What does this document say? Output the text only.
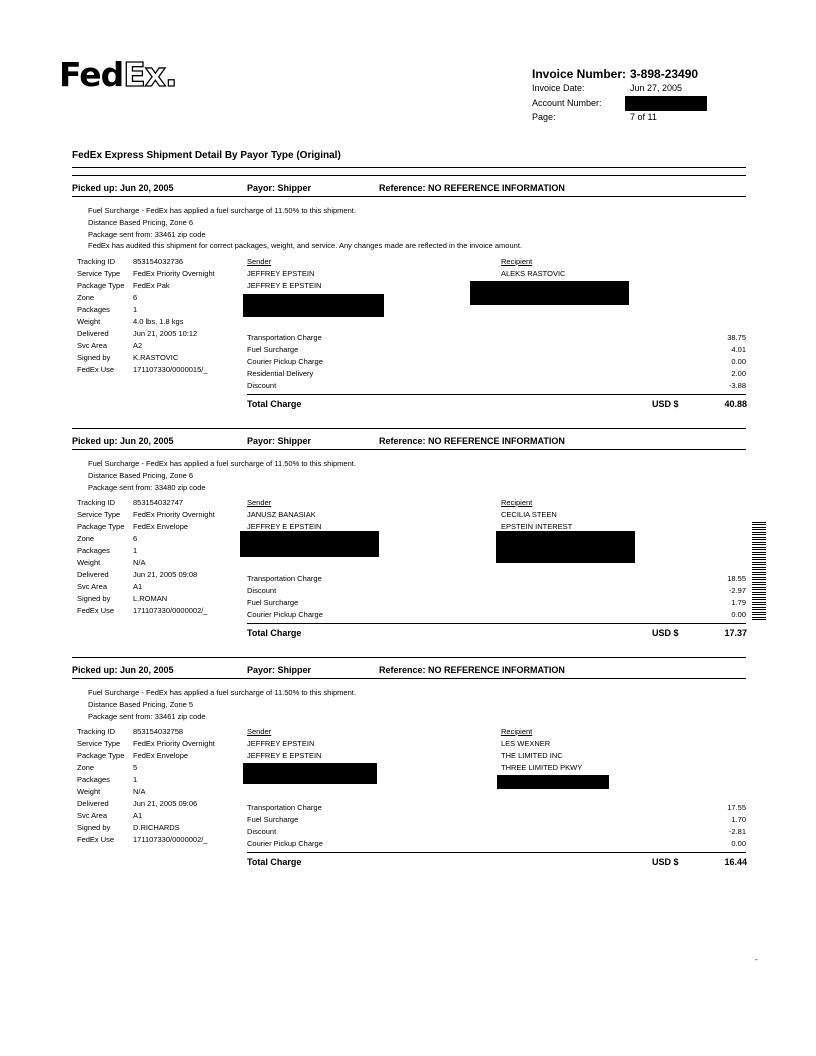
FedEx.	Invoice Number: 3-898-23490
Invoice Date:	Jun 27, 2005
Account Number:
Page:	7 of 11
FedEx Express Shipment Detail By Payor Type (Original)
Picked up: Jun 20, 2005	Payor: Shipper	Reference: NO REFERENCE INFORMATION
Fuel Surcharge - FedEx has applied a fuel surcharge of 11.50% to this shipment.
Distance Based Pricing, Zone 6
Package sent from: 33461 zip code
FedEx has audited this shipment for correct packages, weight, and service. Any changes made are reflected in the invoice amount.
Tracking ID 853154032736
Service Type FedEx Priority Overnight
Package Type FedEx Pak
Zone	6
Packages	1
Weight	4.0 lbs, 1.8 kgs
Delivered	Jun 21, 2005 10:12
Svc Area	A2
Signed by	K.RASTOVIC
FedEx Use	171107330/0000015/_
Sender
JEFFREY EPSTEIN
JEFFREY E EPSTEIN
Recipient
ALEKS RASTOVIC
Transportation Charge	38.75
Fuel Surcharge	4.01
Courier Pickup Charge	0.00
Residential Delivery	2.00
Discount	-3.88
Total Charge	USD $	40.88
Picked up: Jun 20, 2005	Payor: Shipper	Reference: NO REFERENCE INFORMATION
Fuel Surcharge - FedEx has applied a fuel surcharge of 11.50% to this shipment.
Distance Based Pricing, Zone 6
Package sent from: 33480 zip code
Tracking ID 853154032747
Service Type FedEx Priority Overnight
Package Type FedEx Envelope
Zone	6
Packages	1
Weight	N/A
Delivered	Jun 21, 2005 09:08
Svc Area	A1
Signed by	L.ROMAN
FedEx Use	171107330/0000002/_
Sender
JANUSZ BANASIAK
JEFFREY E EPSTEIN
Recipient
CECILIA STEEN
EPSTEIN INTEREST
Transportation Charge	18.55
Discount	-2.97
Fuel Surcharge	1.79
Courier Pickup Charge	0.00
Total Charge	USD $	17.37
Picked up: Jun 20, 2005	Payor: Shipper	Reference: NO REFERENCE INFORMATION
Fuel Surcharge - FedEx has applied a fuel surcharge of 11.50% to this shipment.
Distance Based Pricing, Zone 5
Package sent from: 33461 zip code
Tracking ID 853154032758
Service Type FedEx Priority Overnight
Package Type FedEx Envelope
Zone	5
Packages	1
Weight	N/A
Delivered	Jun 21, 2005 09:06
Svc Area	A1
Signed by	D.RICHARDS
FedEx Use	171107330/0000002/_
Sender
JEFFREY EPSTEIN
JEFFREY E EPSTEIN
Recipient
LES WEXNER
THE LIMITED INC
THREE LIMITED PKWY
Transportation Charge	17.55
Fuel Surcharge	1.70
Discount	-2.81
Courier Pickup Charge	0.00
Total Charge	USD $	16.44
-
